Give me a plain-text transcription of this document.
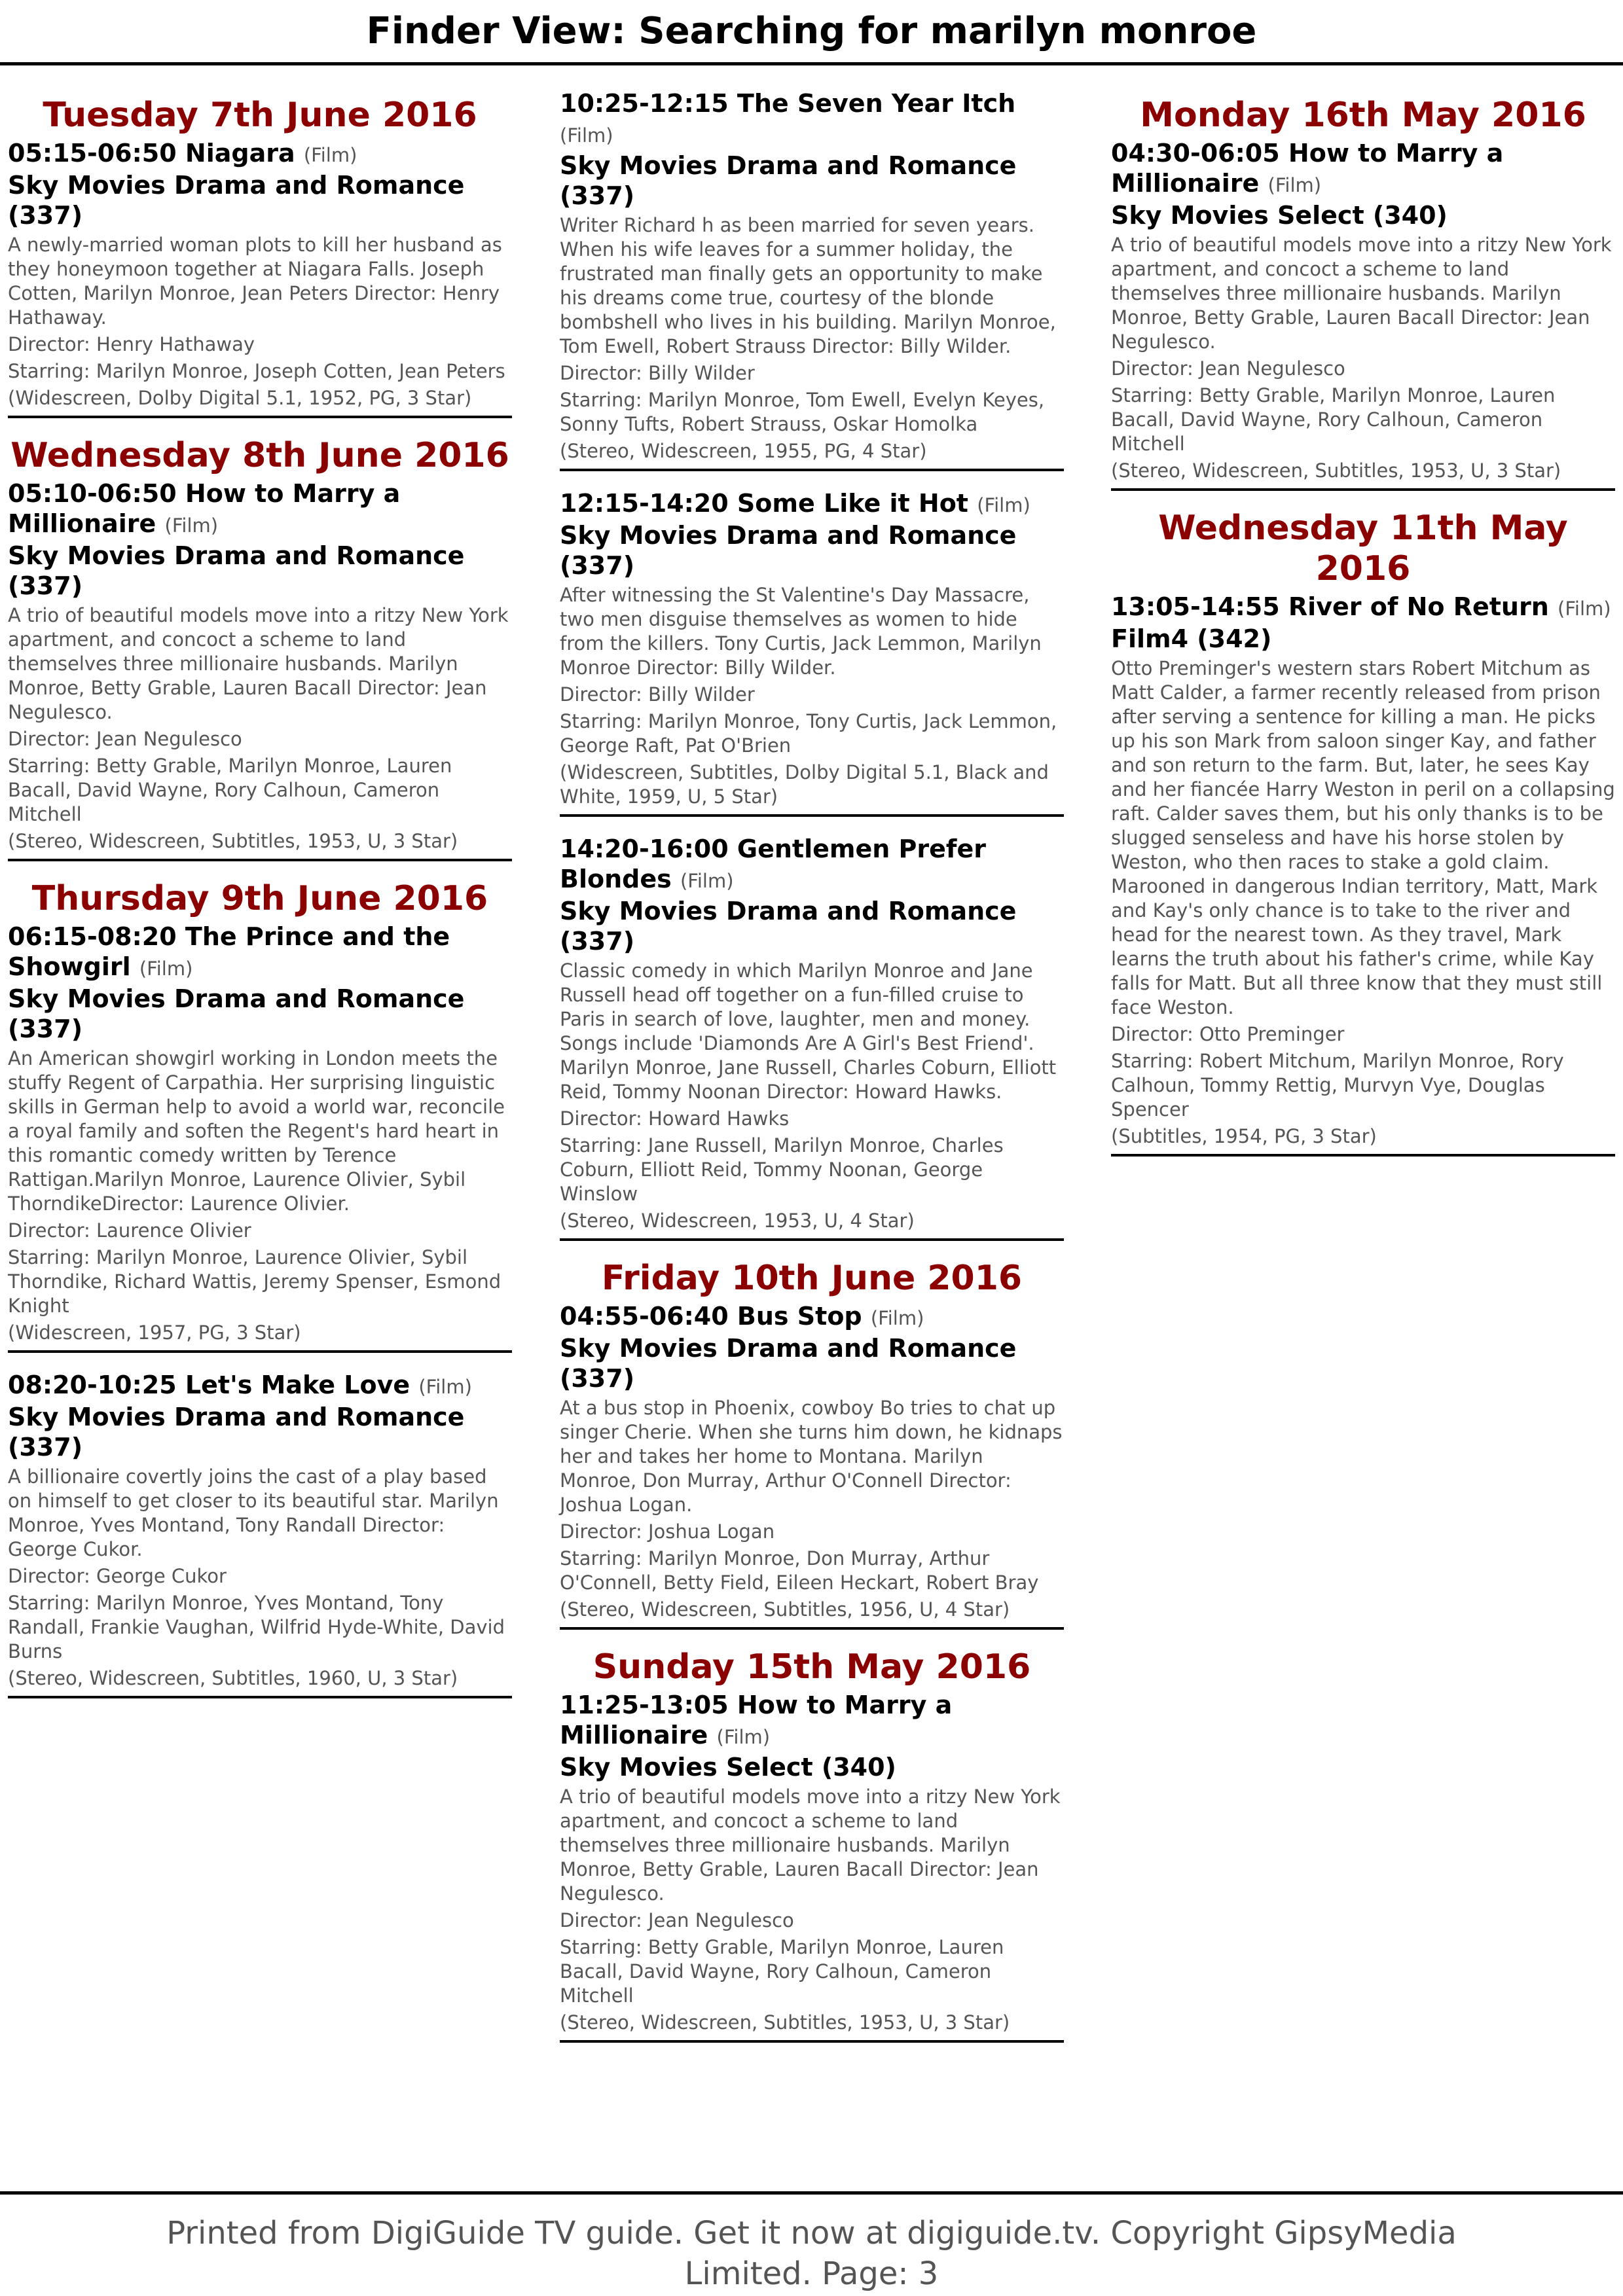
Finder View: Searching for marilyn monroe
Tuesday 7th June 2016
05:15-06:50 Niagara (Film)
Sky Movies Drama and Romance (337)
A newly-married woman plots to kill her husband as they honeymoon together at Niagara Falls. Joseph Cotten, Marilyn Monroe, Jean Peters Director: Henry Hathaway.
Director: Henry Hathaway
Starring: Marilyn Monroe, Joseph Cotten, Jean Peters
(Widescreen, Dolby Digital 5.1, 1952, PG, 3 Star)
Wednesday 8th June 2016
05:10-06:50 How to Marry a Millionaire (Film)
Sky Movies Drama and Romance (337)
A trio of beautiful models move into a ritzy New York apartment, and concoct a scheme to land themselves three millionaire husbands. Marilyn Monroe, Betty Grable, Lauren Bacall Director: Jean Negulesco.
Director: Jean Negulesco
Starring: Betty Grable, Marilyn Monroe, Lauren Bacall, David Wayne, Rory Calhoun, Cameron Mitchell
(Stereo, Widescreen, Subtitles, 1953, U, 3 Star)
Thursday 9th June 2016
06:15-08:20 The Prince and the Showgirl (Film)
Sky Movies Drama and Romance (337)
An American showgirl working in London meets the stuffy Regent of Carpathia. Her surprising linguistic skills in German help to avoid a world war, reconcile a royal family and soften the Regent's hard heart in this romantic comedy written by Terence Rattigan.Marilyn Monroe, Laurence Olivier, Sybil ThorndikeDirector: Laurence Olivier.
Director: Laurence Olivier
Starring: Marilyn Monroe, Laurence Olivier, Sybil Thorndike, Richard Wattis, Jeremy Spenser, Esmond Knight
(Widescreen, 1957, PG, 3 Star)
08:20-10:25 Let's Make Love (Film)
Sky Movies Drama and Romance (337)
A billionaire covertly joins the cast of a play based on himself to get closer to its beautiful star. Marilyn Monroe, Yves Montand, Tony Randall Director: George Cukor.
Director: George Cukor
Starring: Marilyn Monroe, Yves Montand, Tony Randall, Frankie Vaughan, Wilfrid Hyde-White, David Burns
(Stereo, Widescreen, Subtitles, 1960, U, 3 Star)
10:25-12:15 The Seven Year Itch (Film)
Sky Movies Drama and Romance (337)
Writer Richard h as been married for seven years. When his wife leaves for a summer holiday, the frustrated man finally gets an opportunity to make his dreams come true, courtesy of the blonde bombshell who lives in his building. Marilyn Monroe, Tom Ewell, Robert Strauss Director: Billy Wilder.
Director: Billy Wilder
Starring: Marilyn Monroe, Tom Ewell, Evelyn Keyes, Sonny Tufts, Robert Strauss, Oskar Homolka
(Stereo, Widescreen, 1955, PG, 4 Star)
12:15-14:20 Some Like it Hot (Film)
Sky Movies Drama and Romance (337)
After witnessing the St Valentine's Day Massacre, two men disguise themselves as women to hide from the killers. Tony Curtis, Jack Lemmon, Marilyn Monroe Director: Billy Wilder.
Director: Billy Wilder
Starring: Marilyn Monroe, Tony Curtis, Jack Lemmon, George Raft, Pat O'Brien
(Widescreen, Subtitles, Dolby Digital 5.1, Black and White, 1959, U, 5 Star)
14:20-16:00 Gentlemen Prefer Blondes (Film)
Sky Movies Drama and Romance (337)
Classic comedy in which Marilyn Monroe and Jane Russell head off together on a fun-filled cruise to Paris in search of love, laughter, men and money. Songs include 'Diamonds Are A Girl's Best Friend'. Marilyn Monroe, Jane Russell, Charles Coburn, Elliott Reid, Tommy Noonan Director: Howard Hawks.
Director: Howard Hawks
Starring: Jane Russell, Marilyn Monroe, Charles Coburn, Elliott Reid, Tommy Noonan, George Winslow
(Stereo, Widescreen, 1953, U, 4 Star)
Friday 10th June 2016
04:55-06:40 Bus Stop (Film)
Sky Movies Drama and Romance (337)
At a bus stop in Phoenix, cowboy Bo tries to chat up singer Cherie. When she turns him down, he kidnaps her and takes her home to Montana. Marilyn Monroe, Don Murray, Arthur O'Connell Director: Joshua Logan.
Director: Joshua Logan
Starring: Marilyn Monroe, Don Murray, Arthur O'Connell, Betty Field, Eileen Heckart, Robert Bray
(Stereo, Widescreen, Subtitles, 1956, U, 4 Star)
Sunday 15th May 2016
11:25-13:05 How to Marry a Millionaire (Film)
Sky Movies Select (340)
A trio of beautiful models move into a ritzy New York apartment, and concoct a scheme to land themselves three millionaire husbands. Marilyn Monroe, Betty Grable, Lauren Bacall Director: Jean Negulesco.
Director: Jean Negulesco
Starring: Betty Grable, Marilyn Monroe, Lauren Bacall, David Wayne, Rory Calhoun, Cameron Mitchell
(Stereo, Widescreen, Subtitles, 1953, U, 3 Star)
Monday 16th May 2016
04:30-06:05 How to Marry a Millionaire (Film)
Sky Movies Select (340)
A trio of beautiful models move into a ritzy New York apartment, and concoct a scheme to land themselves three millionaire husbands. Marilyn Monroe, Betty Grable, Lauren Bacall Director: Jean Negulesco.
Director: Jean Negulesco
Starring: Betty Grable, Marilyn Monroe, Lauren Bacall, David Wayne, Rory Calhoun, Cameron Mitchell
(Stereo, Widescreen, Subtitles, 1953, U, 3 Star)
Wednesday 11th May 2016
13:05-14:55 River of No Return (Film)
Film4 (342)
Otto Preminger's western stars Robert Mitchum as Matt Calder, a farmer recently released from prison after serving a sentence for killing a man. He picks up his son Mark from saloon singer Kay, and father and son return to the farm. But, later, he sees Kay and her fiancée Harry Weston in peril on a collapsing raft. Calder saves them, but his only thanks is to be slugged senseless and have his horse stolen by Weston, who then races to stake a gold claim. Marooned in dangerous Indian territory, Matt, Mark and Kay's only chance is to take to the river and head for the nearest town. As they travel, Mark learns the truth about his father's crime, while Kay falls for Matt. But all three know that they must still face Weston.
Director: Otto Preminger
Starring: Robert Mitchum, Marilyn Monroe, Rory Calhoun, Tommy Rettig, Murvyn Vye, Douglas Spencer
(Subtitles, 1954, PG, 3 Star)
Printed from DigiGuide TV guide. Get it now at digiguide.tv. Copyright GipsyMedia Limited. Page: 3
